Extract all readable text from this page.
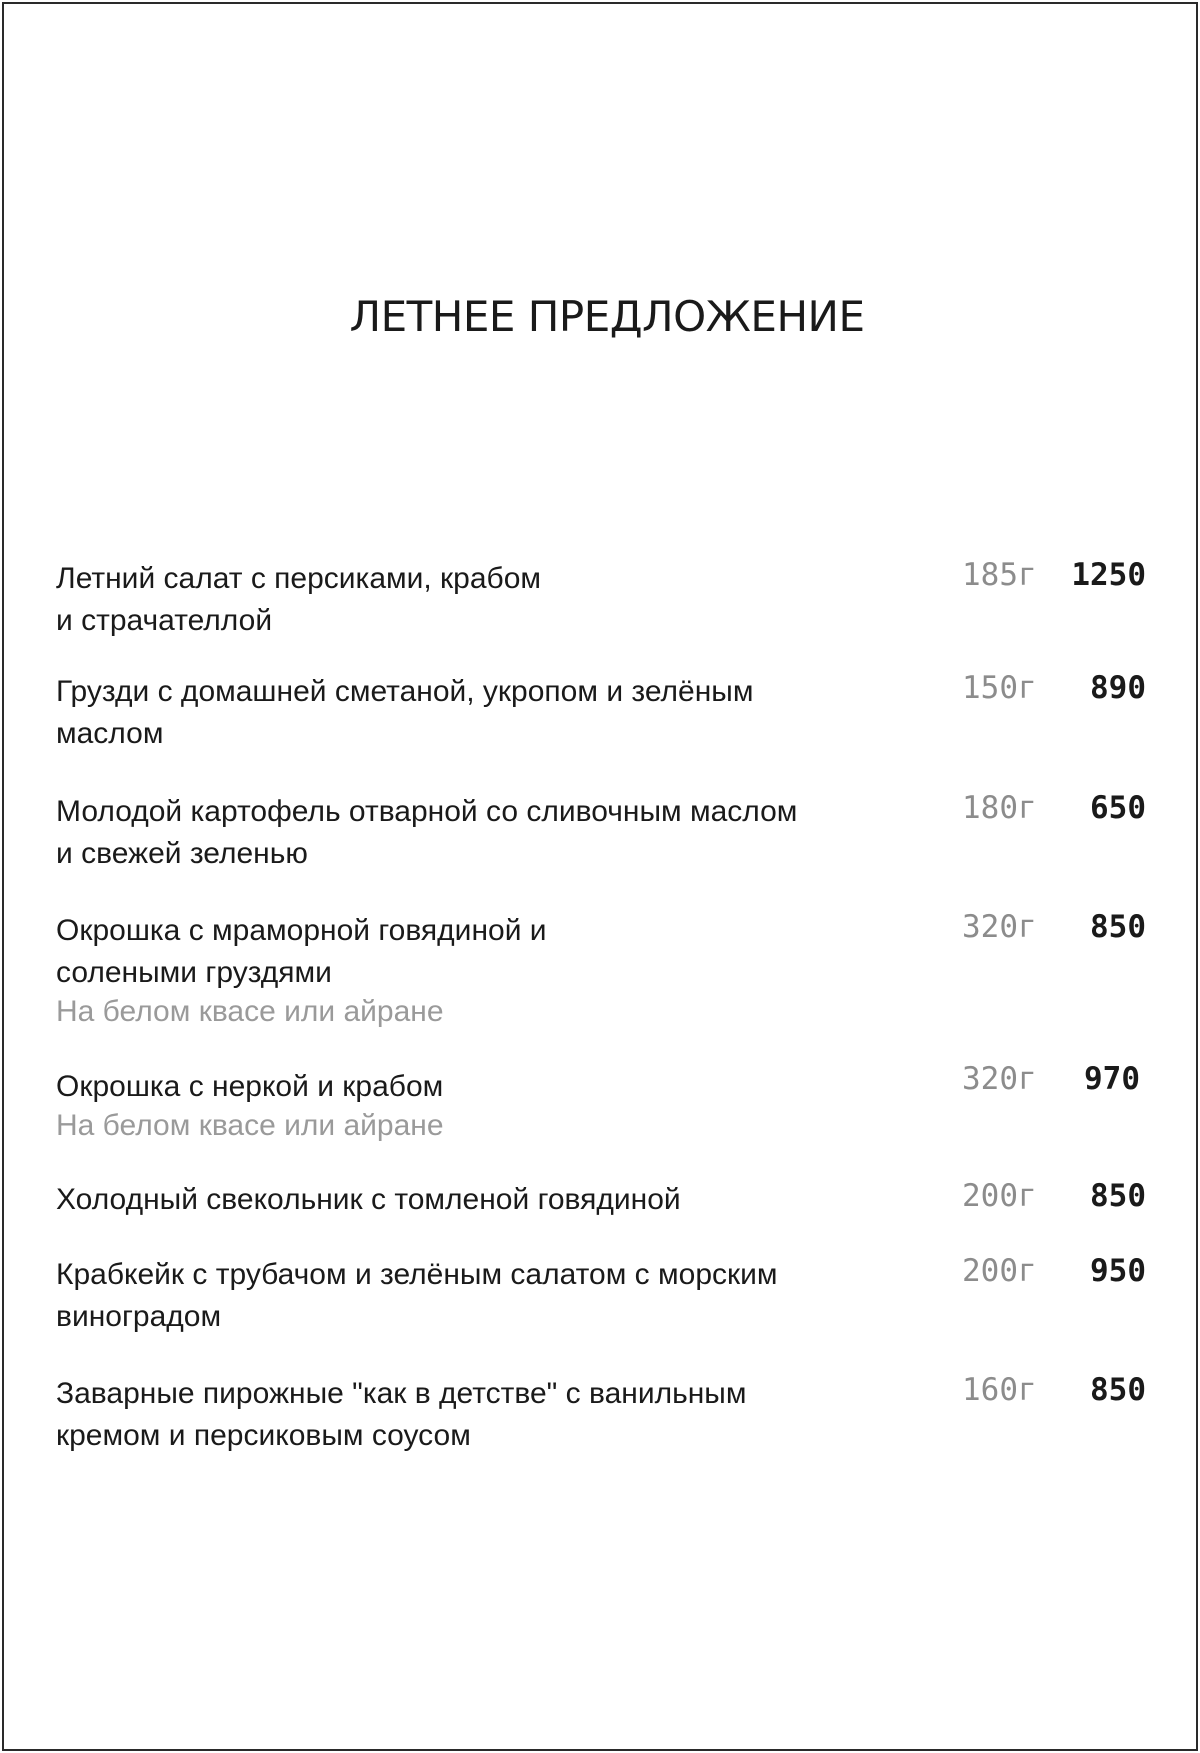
ЛЕТНЕЕ ПРЕДЛОЖЕНИЕ
Летний салат с персиками, крабом
и страчателлой
185г	1250
Грузди с домашней сметаной, укропом и зелёным
маслом
150г	890
Молодой картофель отварной со сливочным маслом
и свежей зеленью
180г	650
Окрошка с мраморной говядиной и
солеными груздями
На белом квасе или айране
320г	850
Окрошка с неркой и крабом
На белом квасе или айране
320г	970
Холодный свекольник с томленой говядиной	200г	850
Крабкейк с трубачом и зелёным салатом с морским
виноградом
200г	950
Заварные пирожные "как в детстве" с ванильным
кремом и персиковым соусом
160г	850
